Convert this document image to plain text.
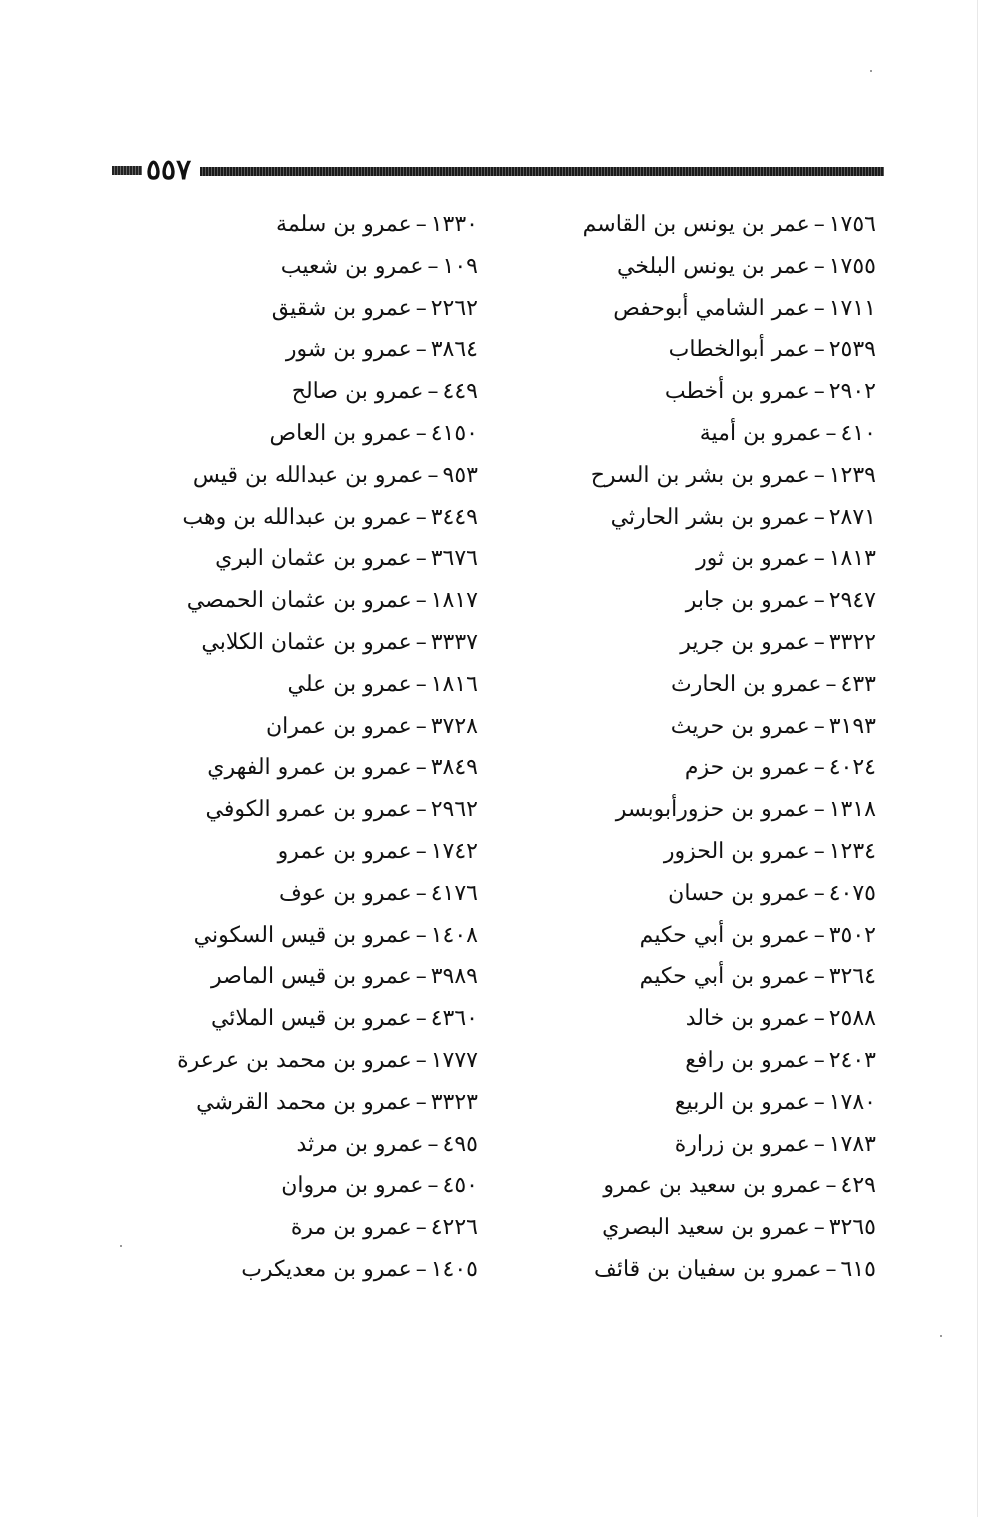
٥٥٧
١٧٥٦–عمر بن يونس بن القاسم
١٧٥٥–عمر بن يونس البلخي
١٧١١–عمر الشامي أبوحفص
٢٥٣٩–عمر أبوالخطاب
٢٩٠٢–عمرو بن أخطب
٤١٠–عمرو بن أمية
١٢٣٩–عمرو بن بشر بن السرح
٢٨٧١–عمرو بن بشر الحارثي
١٨١٣–عمرو بن ثور
٢٩٤٧–عمرو بن جابر
٣٣٢٢–عمرو بن جرير
٤٣٣–عمرو بن الحارث
٣١٩٣–عمرو بن حريث
٤٠٢٤–عمرو بن حزم
١٣١٨–عمرو بن حزورأبوبسر
١٢٣٤–عمرو بن الحزور
٤٠٧٥–عمرو بن حسان
٣٥٠٢–عمرو بن أبي حكيم
٣٢٦٤–عمرو بن أبي حكيم
٢٥٨٨–عمرو بن خالد
٢٤٠٣–عمرو بن رافع
١٧٨٠–عمرو بن الربيع
١٧٨٣–عمرو بن زرارة
٤٢٩–عمرو بن سعيد بن عمرو
٣٢٦٥–عمرو بن سعيد البصري
٦١٥–عمرو بن سفيان بن قائف
١٣٣٠–عمرو بن سلمة
١٠٩–عمرو بن شعيب
٢٢٦٢–عمرو بن شقيق
٣٨٦٤–عمرو بن شور
٤٤٩–عمرو بن صالح
٤١٥٠–عمرو بن العاص
٩٥٣–عمرو بن عبدالله بن قيس
٣٤٤٩–عمرو بن عبدالله بن وهب
٣٦٧٦–عمرو بن عثمان البري
١٨١٧–عمرو بن عثمان الحمصي
٣٣٣٧–عمرو بن عثمان الكلابي
١٨١٦–عمرو بن علي
٣٧٢٨–عمرو بن عمران
٣٨٤٩–عمرو بن عمرو الفهري
٢٩٦٢–عمرو بن عمرو الكوفي
١٧٤٢–عمرو بن عمرو
٤١٧٦–عمرو بن عوف
١٤٠٨–عمرو بن قيس السكوني
٣٩٨٩–عمرو بن قيس الماصر
٤٣٦٠–عمرو بن قيس الملائي
١٧٧٧–عمرو بن محمد بن عرعرة
٣٣٢٣–عمرو بن محمد القرشي
٤٩٥–عمرو بن مرثد
٤٥٠–عمرو بن مروان
٤٢٢٦–عمرو بن مرة
١٤٠٥–عمرو بن معديكرب
